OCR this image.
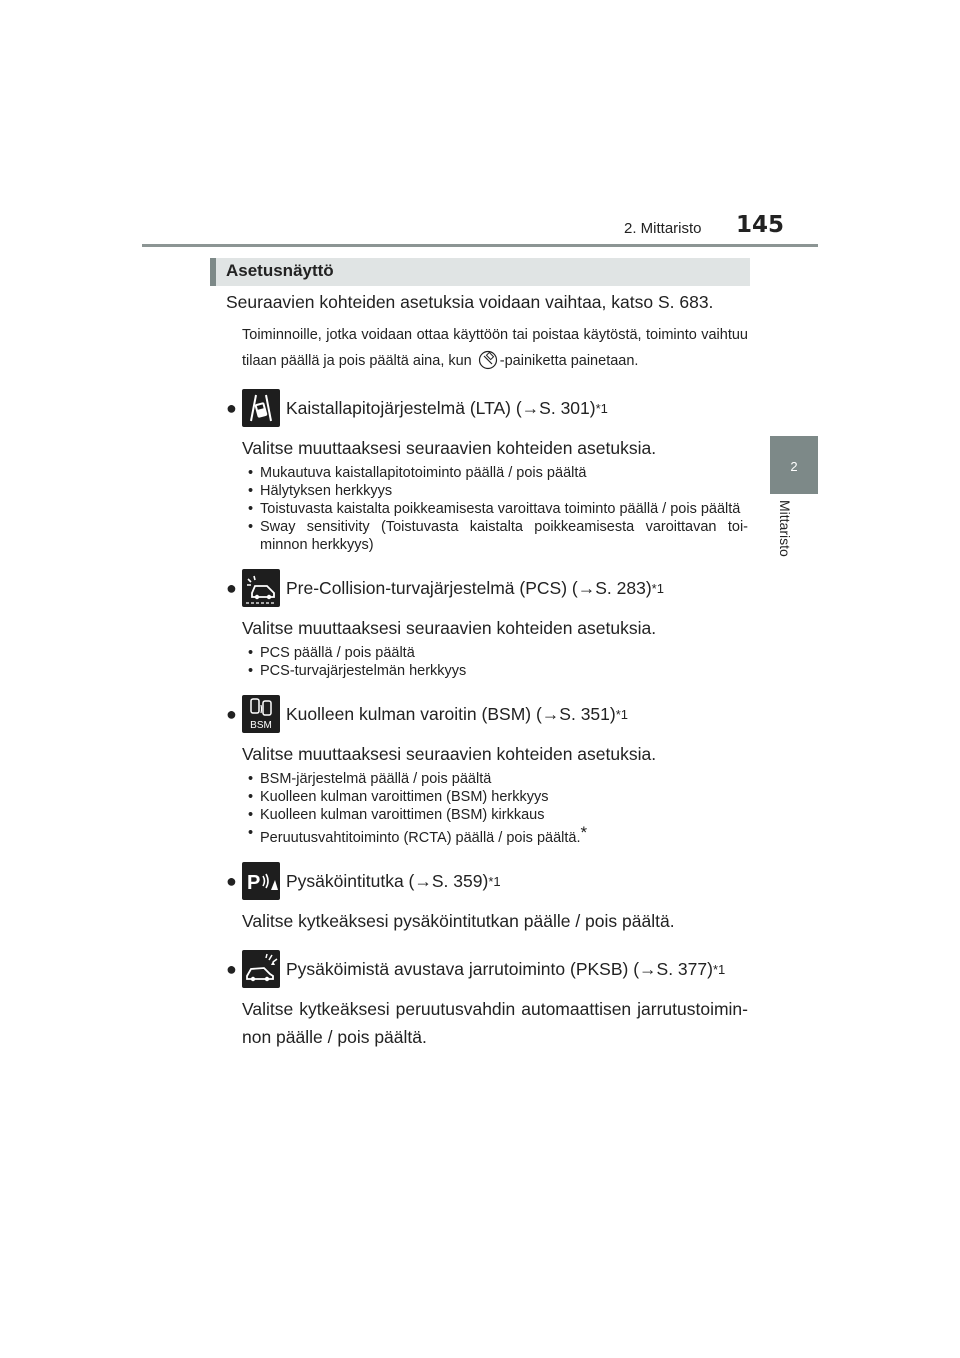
2. Mittaristo 145
2
Mittaristo
Asetusnäyttö

Seuraavien kohteiden asetuksia voidaan vaihtaa, katso S. 683.

Toiminnoille, jotka voidaan ottaa käyttöön tai poistaa käytöstä, toiminto vaihtuu tilaan päällä ja pois päältä aina, kun -painiketta painetaan.

●	Kaistallapitojärjestelmä (LTA) (→S. 301) *1

Valitse muuttaaksesi seuraavien kohteiden asetuksia.

• Mukautuva kaistallapitotoiminto päällä / pois päältä
• Hälytyksen herkkyys
• Toistuvasta kaistalta poikkeamisesta varoittava toiminto päällä / pois päältä
• Sway sensitivity (Toistuvasta kaistalta poikkeamisesta varoittavan toi-minnon herkkyys)
●	Pre-Collision-turvajärjestelmä (PCS) (→S. 283) *1

Valitse muuttaaksesi seuraavien kohteiden asetuksia.

• PCS päällä / pois päältä
• PCS-turvajärjestelmän herkkyys
●
BSM
Kuolleen kulman varoitin (BSM) (→S. 351) *1

Valitse muuttaaksesi seuraavien kohteiden asetuksia.

• BSM-järjestelmä päällä / pois päältä
• Kuolleen kulman varoittimen (BSM) herkkyys
• Kuolleen kulman varoittimen (BSM) kirkkaus
• Peruutusvahtitoiminto (RCTA) päällä / pois päältä.*
● P Pysäköintitutka (→S. 359) *1

Valitse kytkeäksesi pysäköintitutkan päälle / pois päältä.

●	Pysäköimistä avustava jarrutoiminto (PKSB) (→S. 377) *1

Valitse kytkeäksesi peruutusvahdin automaattisen jarrutustoimin-non päälle / pois päältä.
